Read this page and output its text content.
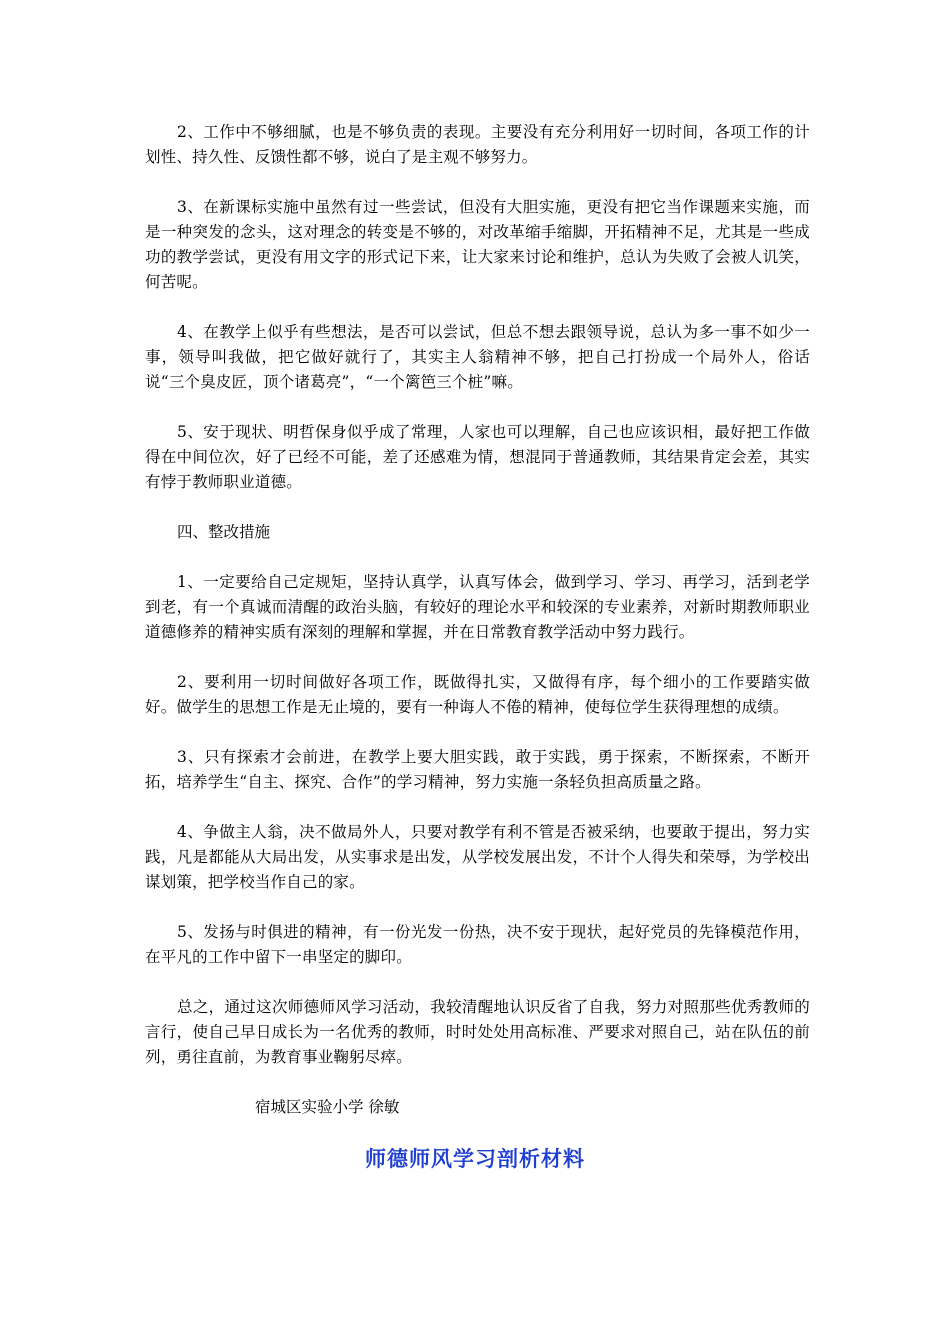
2、工作中不够细腻，也是不够负责的表现。主要没有充分利用好一切时间，各项工作的计划性、持久性、反馈性都不够，说白了是主观不够努力。

3、在新课标实施中虽然有过一些尝试，但没有大胆实施，更没有把它当作课题来实施，而是一种突发的念头，这对理念的转变是不够的，对改革缩手缩脚，开拓精神不足，尤其是一些成功的教学尝试，更没有用文字的形式记下来，让大家来讨论和维护，总认为失败了会被人讥笑，何苦呢。

4、在教学上似乎有些想法，是否可以尝试，但总不想去跟领导说，总认为多一事不如少一事，领导叫我做，把它做好就行了，其实主人翁精神不够，把自己打扮成一个局外人，俗话说“三个臭皮匠，顶个诸葛亮”，“一个篱笆三个桩”嘛。

5、安于现状、明哲保身似乎成了常理，人家也可以理解，自己也应该识相，最好把工作做得在中间位次，好了已经不可能，差了还感难为情，想混同于普通教师，其结果肯定会差，其实有悖于教师职业道德。

四、整改措施

1、一定要给自己定规矩，坚持认真学，认真写体会，做到学习、学习、再学习，活到老学到老，有一个真诚而清醒的政治头脑，有较好的理论水平和较深的专业素养，对新时期教师职业道德修养的精神实质有深刻的理解和掌握，并在日常教育教学活动中努力践行。

2、要利用一切时间做好各项工作，既做得扎实，又做得有序，每个细小的工作要踏实做好。做学生的思想工作是无止境的，要有一种诲人不倦的精神，使每位学生获得理想的成绩。

3、只有探索才会前进，在教学上要大胆实践，敢于实践，勇于探索，不断探索，不断开拓，培养学生“自主、探究、合作”的学习精神，努力实施一条轻负担高质量之路。

4、争做主人翁，决不做局外人，只要对教学有利不管是否被采纳，也要敢于提出，努力实践，凡是都能从大局出发，从实事求是出发，从学校发展出发，不计个人得失和荣辱，为学校出谋划策，把学校当作自己的家。

5、发扬与时俱进的精神，有一份光发一份热，决不安于现状，起好党员的先锋模范作用，在平凡的工作中留下一串坚定的脚印。

总之，通过这次师德师风学习活动，我较清醒地认识反省了自我，努力对照那些优秀教师的言行，使自己早日成长为一名优秀的教师，时时处处用高标准、严要求对照自己，站在队伍的前列，勇往直前，为教育事业鞠躬尽瘁。

宿城区实验小学 徐敏

师德师风学习剖析材料
